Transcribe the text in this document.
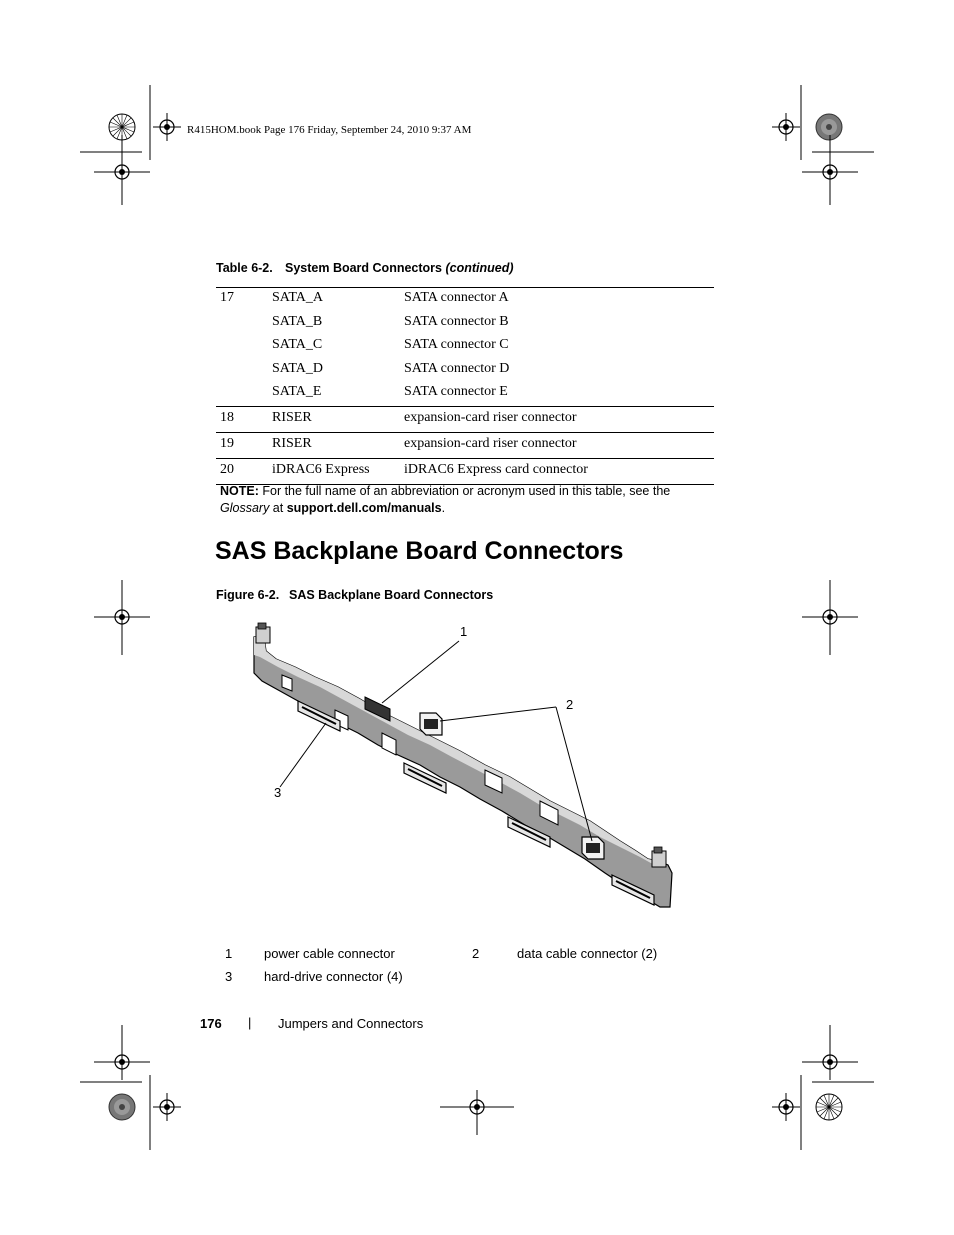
R415HOM.book Page 176 Friday, September 24, 2010 9:37 AM
Table 6-2. System Board Connectors (continued)
17	SATA_A	SATA connector A
	SATA_B	SATA connector B
	SATA_C	SATA connector C
	SATA_D	SATA connector D
	SATA_E	SATA connector E
18	RISER	expansion-card riser connector
19	RISER	expansion-card riser connector
20	iDRAC6 Express	iDRAC6 Express card connector
NOTE: For the full name of an abbreviation or acronym used in this table, see the Glossary at support.dell.com/manuals.
SAS Backplane Board Connectors
Figure 6-2. SAS Backplane Board Connectors
1
2
3
1 power cable connector	2	data cable connector (2)
3 hard-drive connector (4)
176 | Jumpers and Connectors
